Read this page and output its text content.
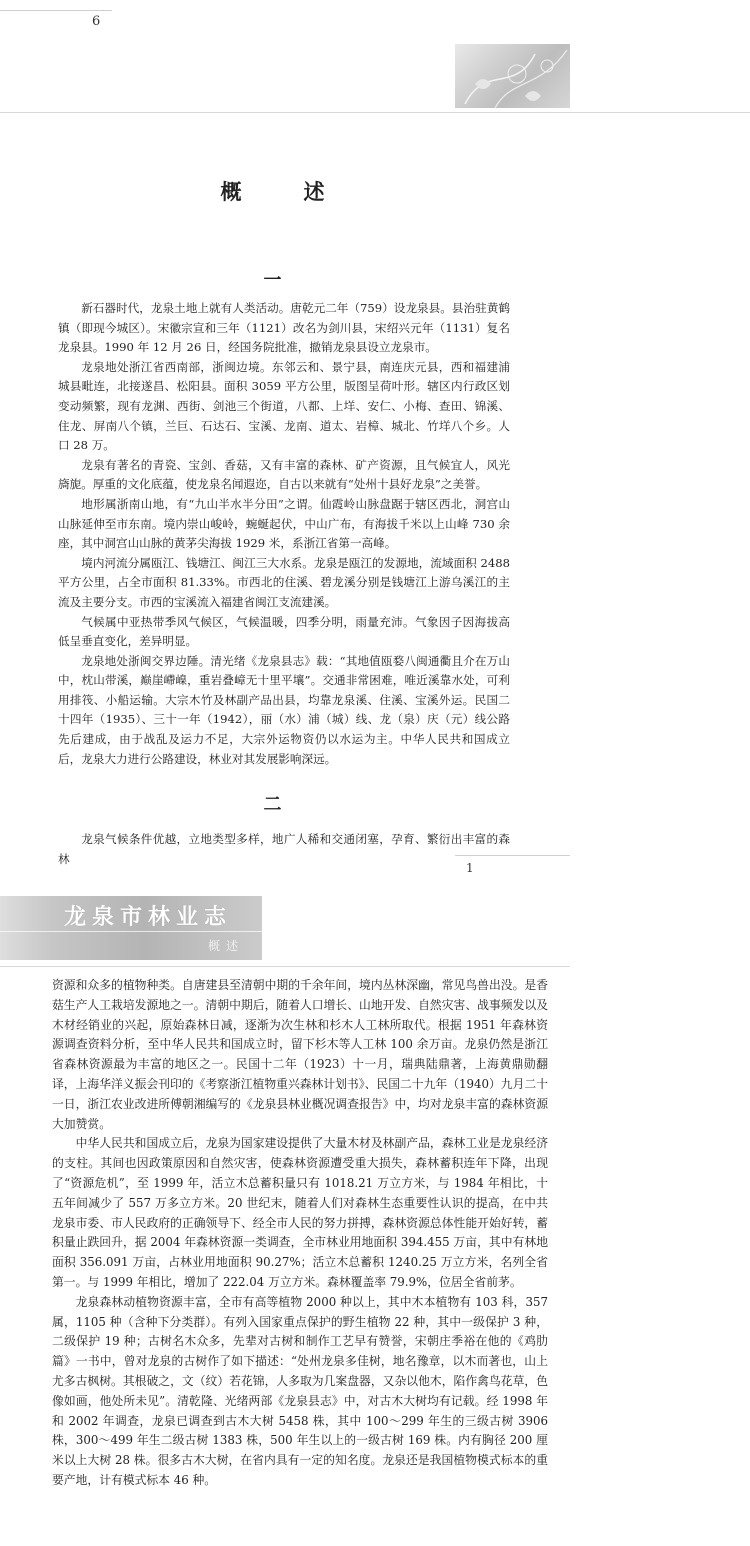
6
概述
一

新石器时代，龙泉土地上就有人类活动。唐乾元二年（759）设龙泉县。县治驻黄鹤镇（即现今城区）。宋徽宗宣和三年（1121）改名为剑川县，宋绍兴元年（1131）复名龙泉县。1990 年 12 月 26 日，经国务院批准，撤销龙泉县设立龙泉市。

龙泉地处浙江省西南部，浙闽边境。东邻云和、景宁县，南连庆元县，西和福建浦城县毗连，北接遂昌、松阳县。面积 3059 平方公里，版图呈荷叶形。辖区内行政区划变动频繁，现有龙渊、西街、剑池三个街道，八都、上垟、安仁、小梅、查田、锦溪、住龙、屏南八个镇，兰巨、石达石、宝溪、龙南、道太、岩樟、城北、竹垟八个乡。人口 28 万。

龙泉有著名的青瓷、宝剑、香菇，又有丰富的森林、矿产资源，且气候宜人，风光旖旎。厚重的文化底蕴，使龙泉名闻遐迩，自古以来就有“处州十县好龙泉”之美誉。

地形属浙南山地，有“九山半水半分田”之谓。仙霞岭山脉盘踞于辖区西北，洞宫山山脉延伸至市东南。境内崇山峻岭，蜿蜒起伏，中山广布，有海拔千米以上山峰 730 余座，其中洞宫山山脉的黄茅尖海拔 1929 米，系浙江省第一高峰。

境内河流分属瓯江、钱塘江、闽江三大水系。龙泉是瓯江的发源地，流域面积 2488 平方公里，占全市面积 81.33%。市西北的住溪、碧龙溪分别是钱塘江上游乌溪江的主流及主要分支。市西的宝溪流入福建省闽江支流建溪。

气候属中亚热带季风气候区，气候温暖，四季分明，雨量充沛。气象因子因海拔高低呈垂直变化，差异明显。

龙泉地处浙闽交界边陲。清光绪《龙泉县志》载：“其地值瓯婺八闽通衢且介在万山中，枕山带溪，巅崖嵽嵲，重岩叠嶂无十里平壤”。交通非常困难，唯近溪靠水处，可利用排筏、小船运输。大宗木竹及林副产品出县，均靠龙泉溪、住溪、宝溪外运。民国二十四年（1935）、三十一年（1942），丽（水）浦（城）线、龙（泉）庆（元）线公路先后建成，由于战乱及运力不足，大宗外运物资仍以水运为主。中华人民共和国成立后，龙泉大力进行公路建设，林业对其发展影响深远。

二

龙泉气候条件优越，立地类型多样，地广人稀和交通闭塞，孕育、繁衍出丰富的森林

1
龙泉市林业志
概述

资源和众多的植物种类。自唐建县至清朝中期的千余年间，境内丛林深幽，常见鸟兽出没。是香菇生产人工栽培发源地之一。清朝中期后，随着人口增长、山地开发、自然灾害、战事频发以及木材经销业的兴起，原始森林日减，逐渐为次生林和杉木人工林所取代。根据 1951 年森林资源调查资料分析，至中华人民共和国成立时，留下杉木等人工林 100 余万亩。龙泉仍然是浙江省森林资源最为丰富的地区之一。民国十二年（1923）十一月，瑞典陆鼎著，上海黄鼎勋翻译，上海华洋义振会刊印的《考察浙江植物重兴森林计划书》、民国二十九年（1940）九月二十一日，浙江农业改进所傅朝湘编写的《龙泉县林业概况调查报告》中，均对龙泉丰富的森林资源大加赞赏。

中华人民共和国成立后，龙泉为国家建设提供了大量木材及林副产品，森林工业是龙泉经济的支柱。其间也因政策原因和自然灾害，使森林资源遭受重大损失，森林蓄积连年下降，出现了“资源危机”，至 1999 年，活立木总蓄积量只有 1018.21 万立方米，与 1984 年相比，十五年间减少了 557 万多立方米。20 世纪末，随着人们对森林生态重要性认识的提高，在中共龙泉市委、市人民政府的正确领导下、经全市人民的努力拼搏，森林资源总体性能开始好转，蓄积量止跌回升，据 2004 年森林资源一类调查，全市林业用地面积 394.455 万亩，其中有林地面积 356.091 万亩，占林业用地面积 90.27%；活立木总蓄积 1240.25 万立方米，名列全省第一。与 1999 年相比，增加了 222.04 万立方米。森林覆盖率 79.9%，位居全省前茅。

龙泉森林动植物资源丰富，全市有高等植物 2000 种以上，其中木本植物有 103 科，357 属，1105 种（含种下分类群）。有列入国家重点保护的野生植物 22 种，其中一级保护 3 种，二级保护 19 种；古树名木众多，先辈对古树和制作工艺早有赞誉，宋朝庄季裕在他的《鸡肋篇》一书中，曾对龙泉的古树作了如下描述：“处州龙泉多佳树，地名豫章，以木而著也，山上尤多古枫树。其根破之，文（纹）若花锦，人多取为几案盘器，又杂以他木，陷作禽鸟花草，色像如画，他处所未见”。清乾隆、光绪两部《龙泉县志》中，对古木大树均有记载。经 1998 年和 2002 年调查，龙泉已调查到古木大树 5458 株，其中 100～299 年生的三级古树 3906 株，300～499 年生二级古树 1383 株，500 年生以上的一级古树 169 株。内有胸径 200 厘米以上大树 28 株。很多古木大树，在省内具有一定的知名度。龙泉还是我国植物模式标本的重要产地，计有模式标本 46 种。
